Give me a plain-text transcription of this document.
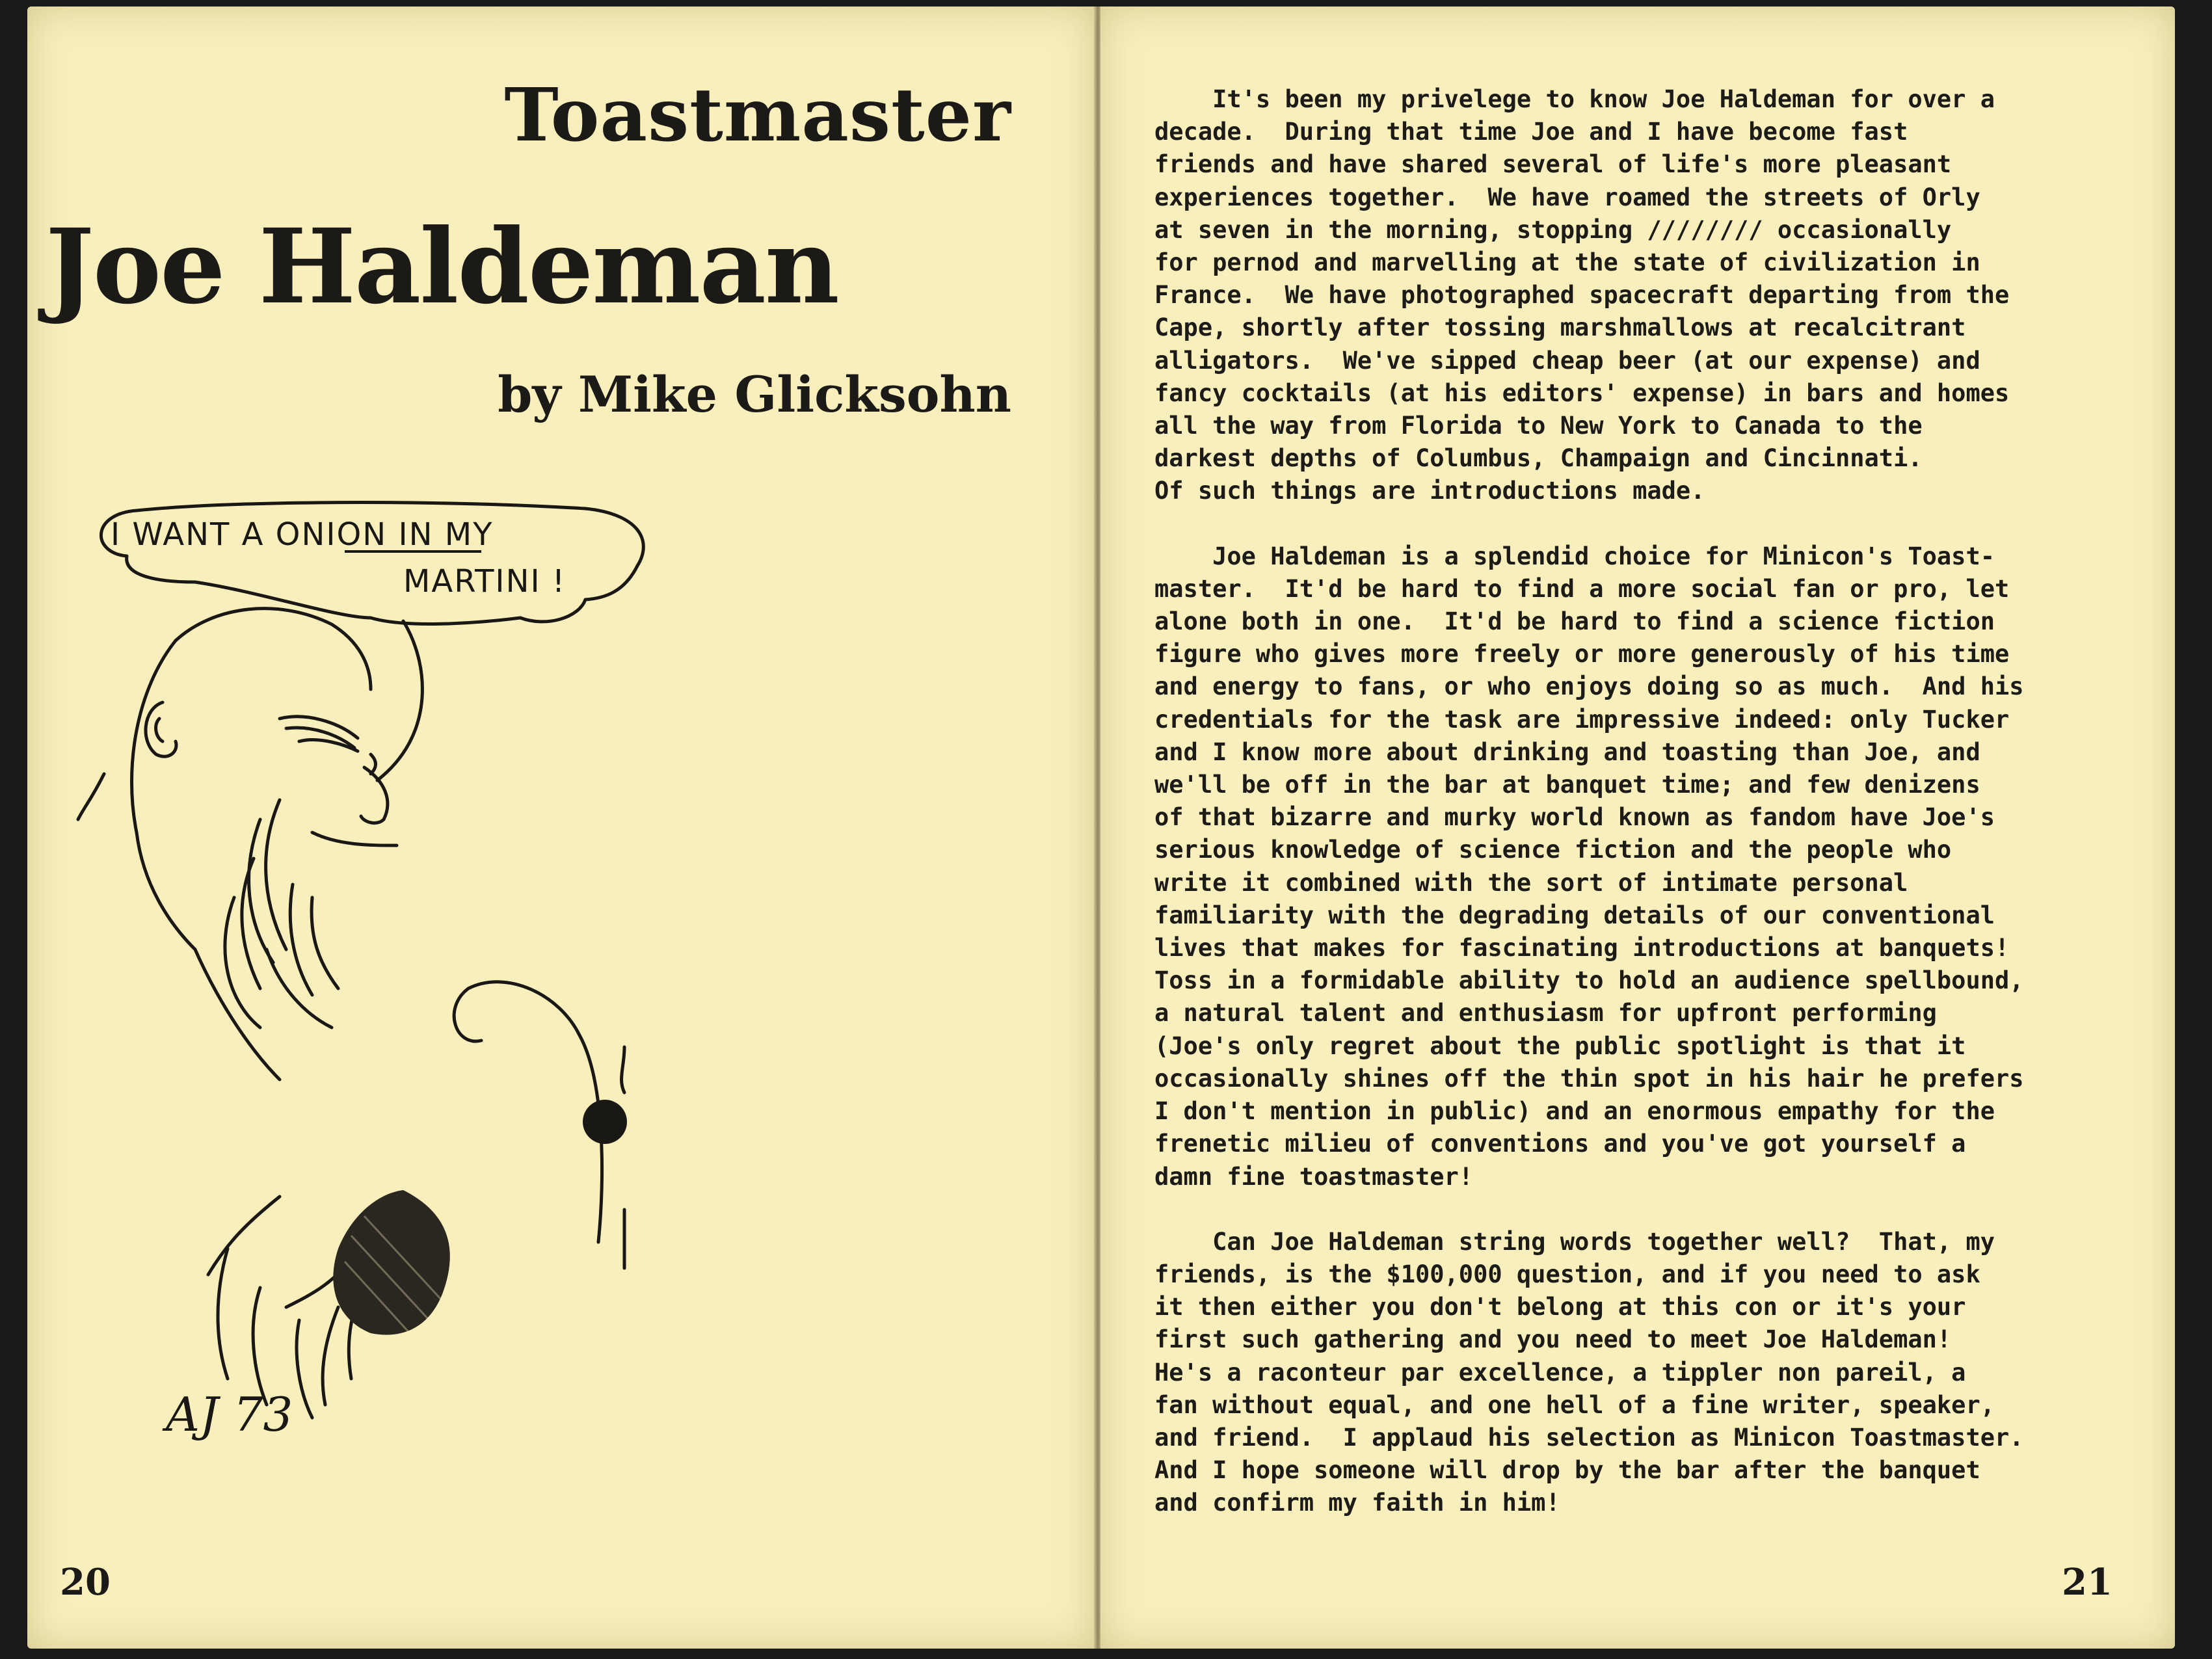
Toastmaster
Joe Haldeman
by Mike Glicksohn
I WANT A ONION IN MY
MARTINI !
AJ 73
20

It's been my privelege to know Joe Haldeman for over a
decade.  During that time Joe and I have become fast
friends and have shared several of life's more pleasant
experiences together.  We have roamed the streets of Orly
at seven in the morning, stopping //////// occasionally
for pernod and marvelling at the state of civilization in
France.  We have photographed spacecraft departing from the
Cape, shortly after tossing marshmallows at recalcitrant
alligators.  We've sipped cheap beer (at our expense) and
fancy cocktails (at his editors' expense) in bars and homes
all the way from Florida to New York to Canada to the
darkest depths of Columbus, Champaign and Cincinnati.
Of such things are introductions made.

Joe Haldeman is a splendid choice for Minicon's Toast-
master.  It'd be hard to find a more social fan or pro, let
alone both in one.  It'd be hard to find a science fiction
figure who gives more freely or more generously of his time
and energy to fans, or who enjoys doing so as much.  And his
credentials for the task are impressive indeed: only Tucker
and I know more about drinking and toasting than Joe, and
we'll be off in the bar at banquet time; and few denizens
of that bizarre and murky world known as fandom have Joe's
serious knowledge of science fiction and the people who
write it combined with the sort of intimate personal
familiarity with the degrading details of our conventional
lives that makes for fascinating introductions at banquets!
Toss in a formidable ability to hold an audience spellbound,
a natural talent and enthusiasm for upfront performing
(Joe's only regret about the public spotlight is that it
occasionally shines off the thin spot in his hair he prefers
I don't mention in public) and an enormous empathy for the
frenetic milieu of conventions and you've got yourself a
damn fine toastmaster!

Can Joe Haldeman string words together well?  That, my
friends, is the $100,000 question, and if you need to ask
it then either you don't belong at this con or it's your
first such gathering and you need to meet Joe Haldeman!
He's a raconteur par excellence, a tippler non pareil, a
fan without equal, and one hell of a fine writer, speaker,
and friend.  I applaud his selection as Minicon Toastmaster.
And I hope someone will drop by the bar after the banquet
and confirm my faith in him!

21
